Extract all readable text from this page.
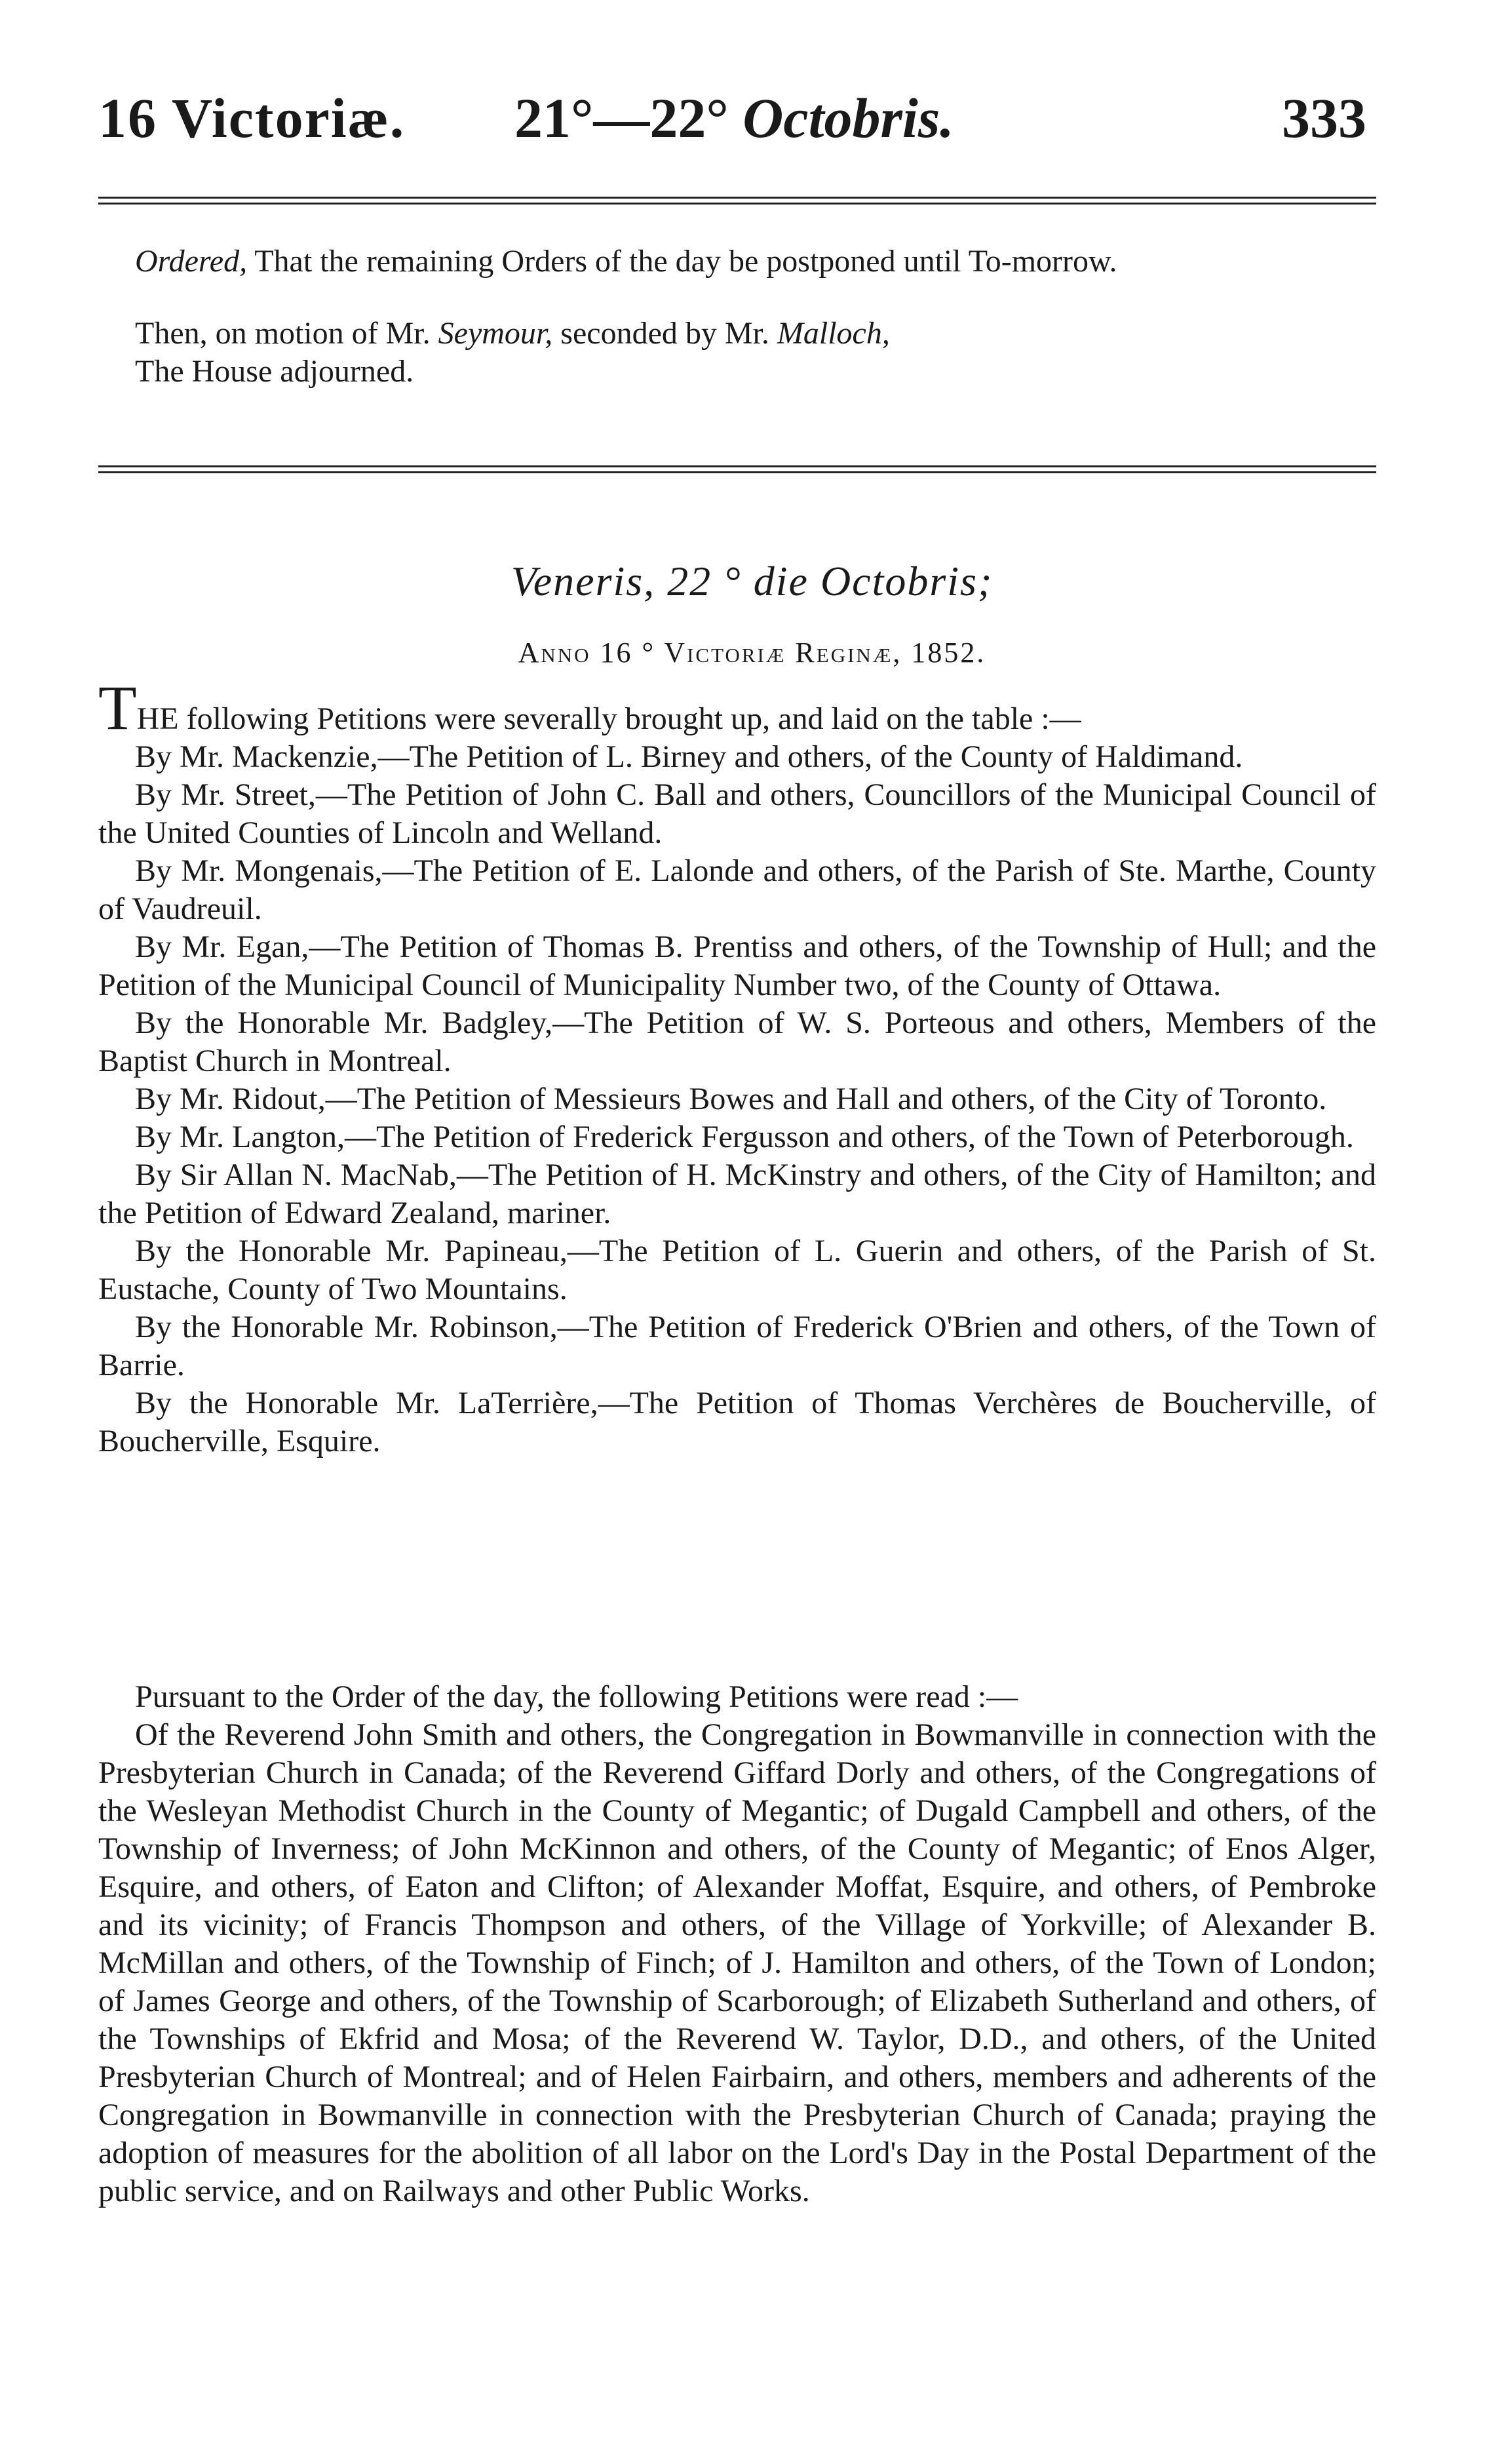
16 Victoriæ. 21°—22° Octobris.	333

Ordered, That the remaining Orders of the day be postponed until To-morrow.

Then, on motion of Mr. Seymour, seconded by Mr. Malloch,

The House adjourned.

Veneris, 22 ° die Octobris;
Anno 16 ° Victoriæ Reginæ, 1852.

THE following Petitions were severally brought up, and laid on the table :—

By Mr. Mackenzie,—The Petition of L. Birney and others, of the County of Haldimand.

By Mr. Street,—The Petition of John C. Ball and others, Councillors of the Municipal Council of the United Counties of Lincoln and Welland.

By Mr. Mongenais,—The Petition of E. Lalonde and others, of the Parish of Ste. Marthe, County of Vaudreuil.

By Mr. Egan,—The Petition of Thomas B. Prentiss and others, of the Township of Hull; and the Petition of the Municipal Council of Municipality Number two, of the County of Ottawa.

By the Honorable Mr. Badgley,—The Petition of W. S. Porteous and others, Members of the Baptist Church in Montreal.

By Mr. Ridout,—The Petition of Messieurs Bowes and Hall and others, of the City of Toronto.

By Mr. Langton,—The Petition of Frederick Fergusson and others, of the Town of Peterborough.

By Sir Allan N. MacNab,—The Petition of H. McKinstry and others, of the City of Hamilton; and the Petition of Edward Zealand, mariner.

By the Honorable Mr. Papineau,—The Petition of L. Guerin and others, of the Parish of St. Eustache, County of Two Mountains.

By the Honorable Mr. Robinson,—The Petition of Frederick O'Brien and others, of the Town of Barrie.

By the Honorable Mr. LaTerrière,—The Petition of Thomas Verchères de Boucherville, of Boucherville, Esquire.

Pursuant to the Order of the day, the following Petitions were read :—

Of the Reverend John Smith and others, the Congregation in Bowmanville in connection with the Presbyterian Church in Canada; of the Reverend Giffard Dorly and others, of the Congregations of the Wesleyan Methodist Church in the County of Megantic; of Dugald Campbell and others, of the Township of Inverness; of John McKinnon and others, of the County of Megantic; of Enos Alger, Esquire, and others, of Eaton and Clifton; of Alexander Moffat, Esquire, and others, of Pembroke and its vicinity; of Francis Thompson and others, of the Village of Yorkville; of Alexander B. McMillan and others, of the Township of Finch; of J. Hamilton and others, of the Town of London; of James George and others, of the Township of Scarborough; of Elizabeth Sutherland and others, of the Townships of Ekfrid and Mosa; of the Reverend W. Taylor, D.D., and others, of the United Presbyterian Church of Montreal; and of Helen Fairbairn, and others, members and adherents of the Congregation in Bowmanville in connection with the Presbyterian Church of Canada; praying the adoption of measures for the abolition of all labor on the Lord's Day in the Postal Department of the public service, and on Railways and other Public Works.
